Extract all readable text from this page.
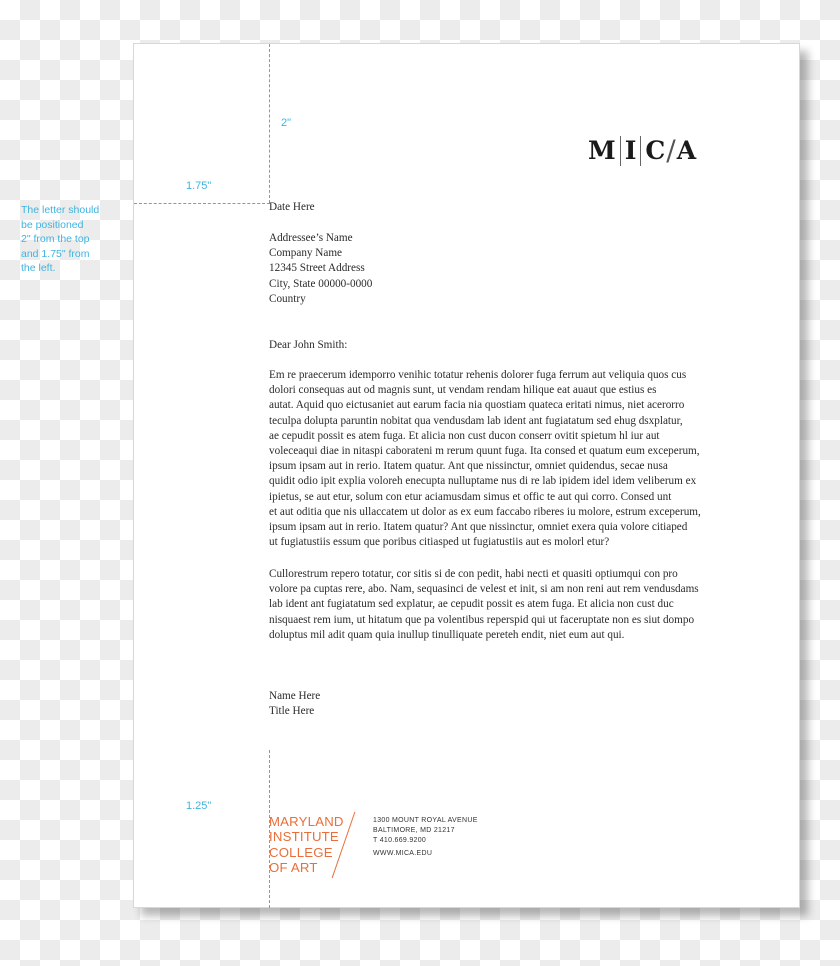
The letter should
be positioned
2" from the top
and 1.75" from
the left.
2"
1.75"
1.25"
M I C / A
Date Here
Addressee’s Name
Company Name
12345 Street Address
City, State 00000-0000
Country
Dear John Smith:
Em re praecerum idemporro venihic totatur rehenis dolorer fuga ferrum aut veliquia quos cus
dolori consequas aut od magnis sunt, ut vendam rendam hilique eat auaut que estius es
autat. Aquid quo eictusaniet aut earum facia nia quostiam quateca eritati nimus, niet acerorro
teculpa dolupta paruntin nobitat qua vendusdam lab ident ant fugiatatum sed ehug dsxplatur,
ae cepudit possit es atem fuga. Et alicia non cust ducon conserr ovitit spietum hl iur aut
voleceaqui diae in nitaspi caborateni m rerum quunt fuga. Ita consed et quatum eum exceperum,
ipsum ipsam aut in rerio. Itatem quatur. Ant que nissinctur, omniet quidendus, secae nusa
quidit odio ipit explia voloreh enecupta nulluptame nus di re lab ipidem idel idem veliberum ex
ipietus, se aut etur, solum con etur aciamusdam simus et offic te aut qui corro. Consed unt
et aut oditia que nis ullaccatem ut dolor as ex eum faccabo riberes iu molore, estrum exceperum,
ipsum ipsam aut in rerio. Itatem quatur? Ant que nissinctur, omniet exera quia volore citiaped
ut fugiatustiis essum que poribus citiasped ut fugiatustiis aut es molorl etur?
Cullorestrum repero totatur, cor sitis si de con pedit, habi necti et quasiti optiumqui con pro
volore pa cuptas rere, abo. Nam, sequasinci de velest et init, si am non reni aut rem vendusdams
lab ident ant fugiatatum sed explatur, ae cepudit possit es atem fuga. Et alicia non cust duc
nisquaest rem ium, ut hitatum que pa volentibus reperspid qui ut faceruptate non es siut dompo
doluptus mil adit quam quia inullup tinulliquate pereteh endit, niet eum aut qui.
Name Here
Title Here
MARYLAND
INSTITUTE
COLLEGE
OF ART
1300 MOUNT ROYAL AVENUE
BALTIMORE, MD 21217
T 410.669.9200
WWW.MICA.EDU
